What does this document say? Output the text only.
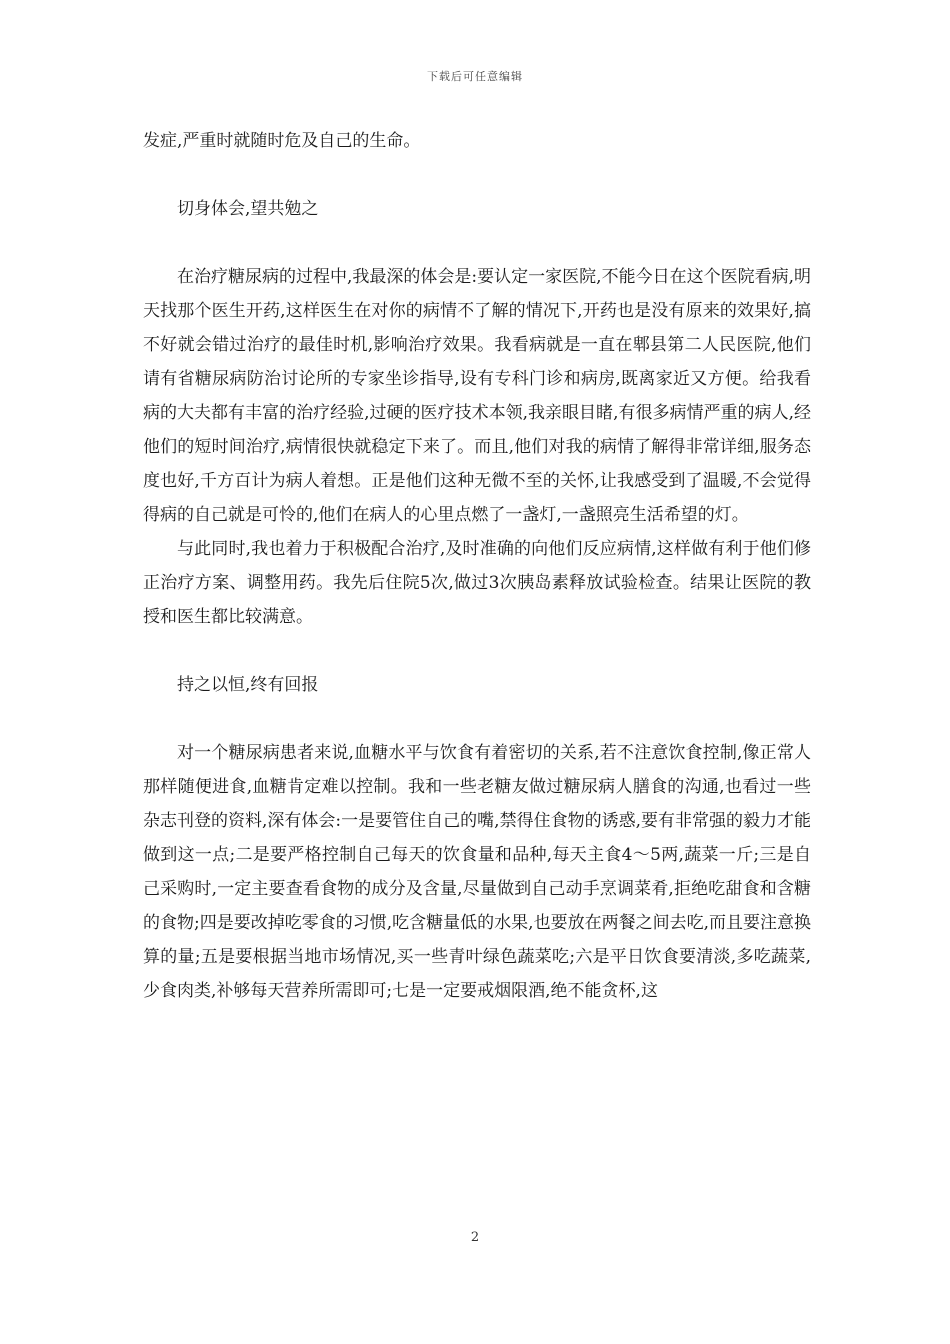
下载后可任意编辑

发症,严重时就随时危及自己的生命。

切身体会,望共勉之

在治疗糖尿病的过程中,我最深的体会是:要认定一家医院,不能今日在这个医院看病,明天找那个医生开药,这样医生在对你的病情不了解的情况下,开药也是没有原来的效果好,搞不好就会错过治疗的最佳时机,影响治疗效果。我看病就是一直在郫县第二人民医院,他们请有省糖尿病防治讨论所的专家坐诊指导,设有专科门诊和病房,既离家近又方便。给我看病的大夫都有丰富的治疗经验,过硬的医疗技术本领,我亲眼目睹,有很多病情严重的病人,经他们的短时间治疗,病情很快就稳定下来了。而且,他们对我的病情了解得非常详细,服务态度也好,千方百计为病人着想。正是他们这种无微不至的关怀,让我感受到了温暖,不会觉得得病的自己就是可怜的,他们在病人的心里点燃了一盏灯,一盏照亮生活希望的灯。

与此同时,我也着力于积极配合治疗,及时准确的向他们反应病情,这样做有利于他们修正治疗方案、调整用药。我先后住院5次,做过3次胰岛素释放试验检查。结果让医院的教授和医生都比较满意。

持之以恒,终有回报

对一个糖尿病患者来说,血糖水平与饮食有着密切的关系,若不注意饮食控制,像正常人那样随便进食,血糖肯定难以控制。我和一些老糖友做过糖尿病人膳食的沟通,也看过一些杂志刊登的资料,深有体会:一是要管住自己的嘴,禁得住食物的诱惑,要有非常强的毅力才能做到这一点;二是要严格控制自己每天的饮食量和品种,每天主食4～5两,蔬菜一斤;三是自己采购时,一定主要查看食物的成分及含量,尽量做到自己动手烹调菜肴,拒绝吃甜食和含糖的食物;四是要改掉吃零食的习惯,吃含糖量低的水果,也要放在两餐之间去吃,而且要注意换算的量;五是要根据当地市场情况,买一些青叶绿色蔬菜吃;六是平日饮食要清淡,多吃蔬菜,少食肉类,补够每天营养所需即可;七是一定要戒烟限酒,绝不能贪杯,这

2
